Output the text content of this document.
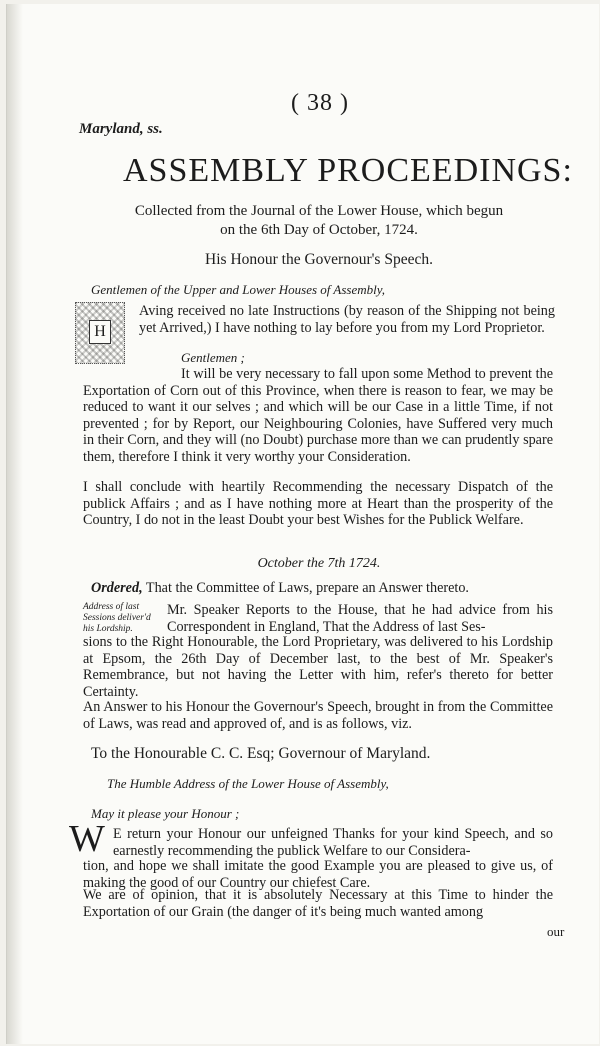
( 38 )
Maryland, ss.
ASSEMBLY PROCEEDINGS:
Collected from the Journal of the Lower House, which begun
on the 6th Day of October, 1724.
His Honour the Governour's Speech.
Gentlemen of the Upper and Lower Houses of Assembly,
H
Aving received no late Instructions (by reason of the Shipping not being yet Arrived,) I have nothing to lay before you from my Lord Proprietor.
Gentlemen ;
It will be very necessary to fall upon some Method to prevent the Exportation of Corn out of this Province, when there is reason to fear, we may be reduced to want it our selves ; and which will be our Case in a little Time, if not prevented ; for by Report, our Neighbouring Colonies, have Suffered very much in their Corn, and they will (no Doubt) purchase more than we can prudently spare them, therefore I think it very worthy your Consideration.
I shall conclude with heartily Recommending the necessary Dispatch of the publick Affairs ; and as I have nothing more at Heart than the prosperity of the Country, I do not in the least Doubt your best Wishes for the Publick Welfare.
October the 7th 1724.
Ordered, That the Committee of Laws, prepare an Answer thereto.
Address of last Sessions deliver'd his Lordship.
Mr. Speaker Reports to the House, that he had advice from his Correspondent in England, That the Address of last Ses-
sions to the Right Honourable, the Lord Proprietary, was delivered to his Lordship at Epsom, the 26th Day of December last, to the best of Mr. Speaker's Remembrance, but not having the Letter with him, refer's thereto for better Certainty.
An Answer to his Honour the Governour's Speech, brought in from the Committee of Laws, was read and approved of, and is as follows, viz.
To the Honourable C. C. Esq; Governour of Maryland.
The Humble Address of the Lower House of Assembly,
May it please your Honour ;
W E return your Honour our unfeigned Thanks for your kind Speech, and so earnestly recommending the publick Welfare to our Considera-
tion, and hope we shall imitate the good Example you are pleased to give us, of making the good of our Country our chiefest Care.
We are of opinion, that it is absolutely Necessary at this Time to hinder the Exportation of our Grain (the danger of it's being much wanted among
our
